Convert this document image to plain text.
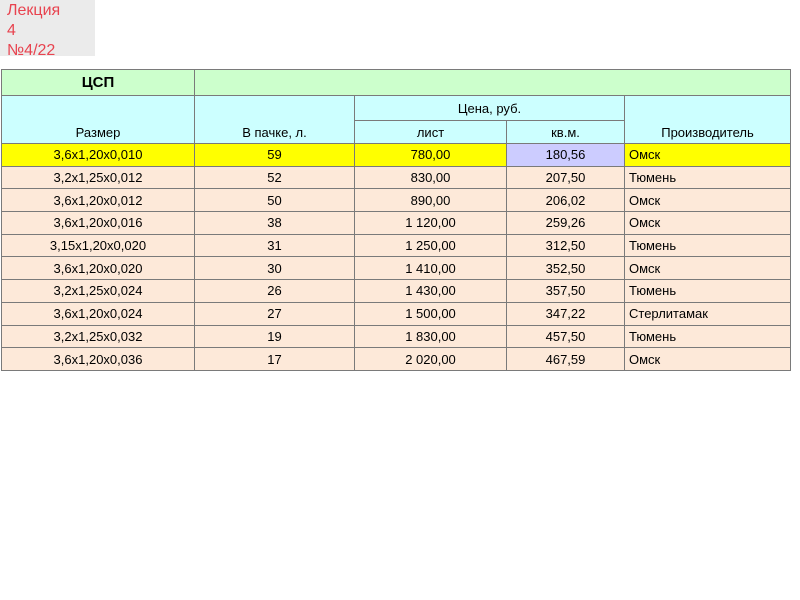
Лекция
4
№4/22
ЦСП				
Размер	В пачке, л.	Цена, руб.		Производитель
		лист	кв.м.	
3,6х1,20х0,010	59	780,00	180,56	Омск
3,2х1,25х0,012	52	830,00	207,50	Тюмень
3,6х1,20х0,012	50	890,00	206,02	Омск
3,6х1,20х0,016	38	1 120,00	259,26	Омск
3,15х1,20х0,020	31	1 250,00	312,50	Тюмень
3,6х1,20х0,020	30	1 410,00	352,50	Омск
3,2х1,25х0,024	26	1 430,00	357,50	Тюмень
3,6х1,20х0,024	27	1 500,00	347,22	Стерлитамак
3,2х1,25х0,032	19	1 830,00	457,50	Тюмень
3,6х1,20х0,036	17	2 020,00	467,59	Омск
